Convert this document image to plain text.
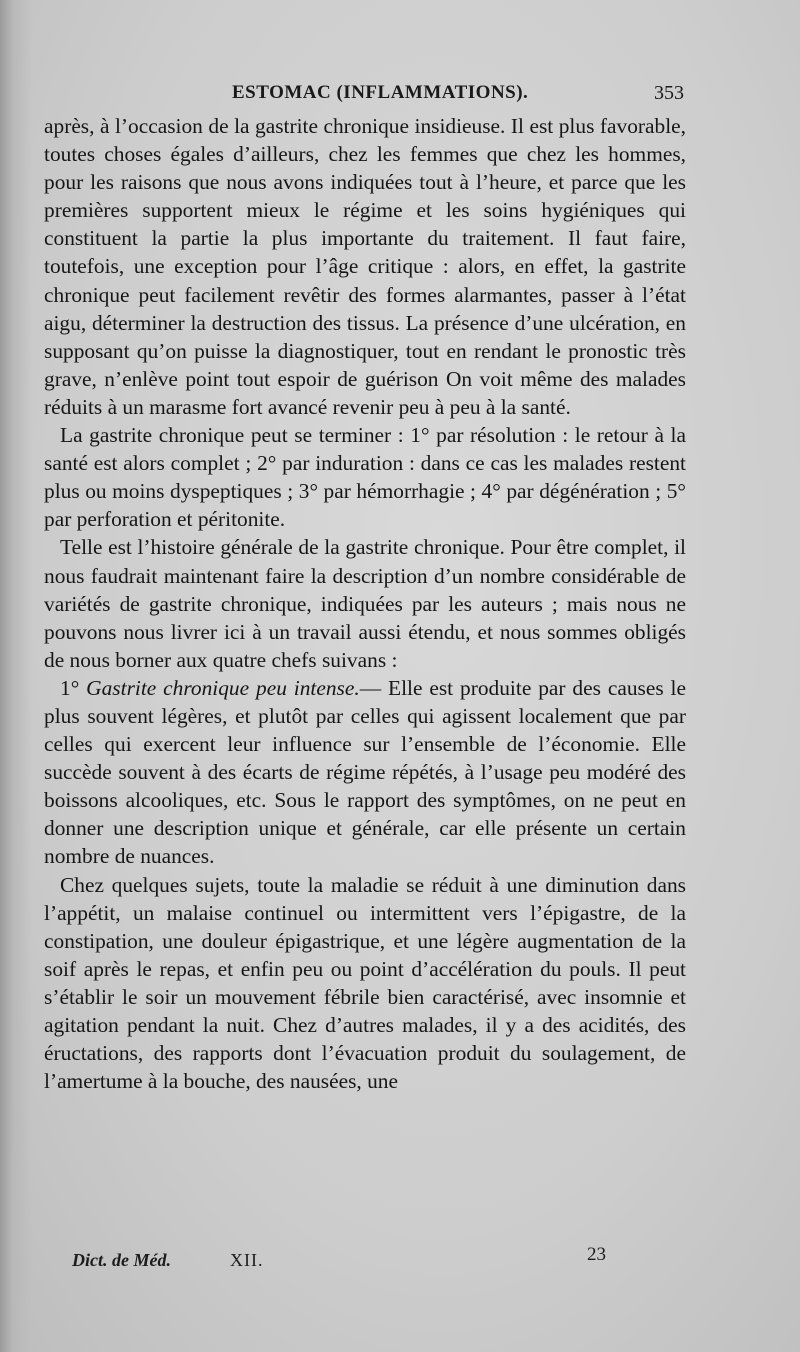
ESTOMAC (INFLAMMATIONS).	353

après, à l’occasion de la gastrite chronique insidieuse. Il est plus favorable, toutes choses égales d’ailleurs, chez les femmes que chez les hommes, pour les raisons que nous avons indiquées tout à l’heure, et parce que les premières supportent mieux le régime et les soins hygiéniques qui constituent la partie la plus importante du traitement. Il faut faire, toutefois, une exception pour l’âge critique : alors, en effet, la gastrite chronique peut facilement revêtir des formes alarmantes, passer à l’état aigu, déterminer la destruction des tissus. La présence d’une ulcération, en supposant qu’on puisse la diagnostiquer, tout en rendant le pronostic très grave, n’enlève point tout espoir de guérison On voit même des malades réduits à un marasme fort avancé revenir peu à peu à la santé.

La gastrite chronique peut se terminer : 1° par résolution : le retour à la santé est alors complet ; 2° par induration : dans ce cas les malades restent plus ou moins dyspeptiques ; 3° par hémorrhagie ; 4° par dégénération ; 5° par perforation et péritonite.

Telle est l’histoire générale de la gastrite chronique. Pour être complet, il nous faudrait maintenant faire la description d’un nombre considérable de variétés de gastrite chronique, indiquées par les auteurs ; mais nous ne pouvons nous livrer ici à un travail aussi étendu, et nous sommes obligés de nous borner aux quatre chefs suivans :

1° Gastrite chronique peu intense.— Elle est produite par des causes le plus souvent légères, et plutôt par celles qui agissent localement que par celles qui exercent leur influence sur l’ensemble de l’économie. Elle succède souvent à des écarts de régime répétés, à l’usage peu modéré des boissons alcooliques, etc. Sous le rapport des symptômes, on ne peut en donner une description unique et générale, car elle présente un certain nombre de nuances.

Chez quelques sujets, toute la maladie se réduit à une diminution dans l’appétit, un malaise continuel ou intermittent vers l’épigastre, de la constipation, une douleur épigastrique, et une légère augmentation de la soif après le repas, et enfin peu ou point d’accélération du pouls. Il peut s’établir le soir un mouvement fébrile bien caractérisé, avec insomnie et agitation pendant la nuit. Chez d’autres malades, il y a des acidités, des éructations, des rapports dont l’évacuation produit du soulagement, de l’amertume à la bouche, des nausées, une

Dict. de Méd.	XII.	23
